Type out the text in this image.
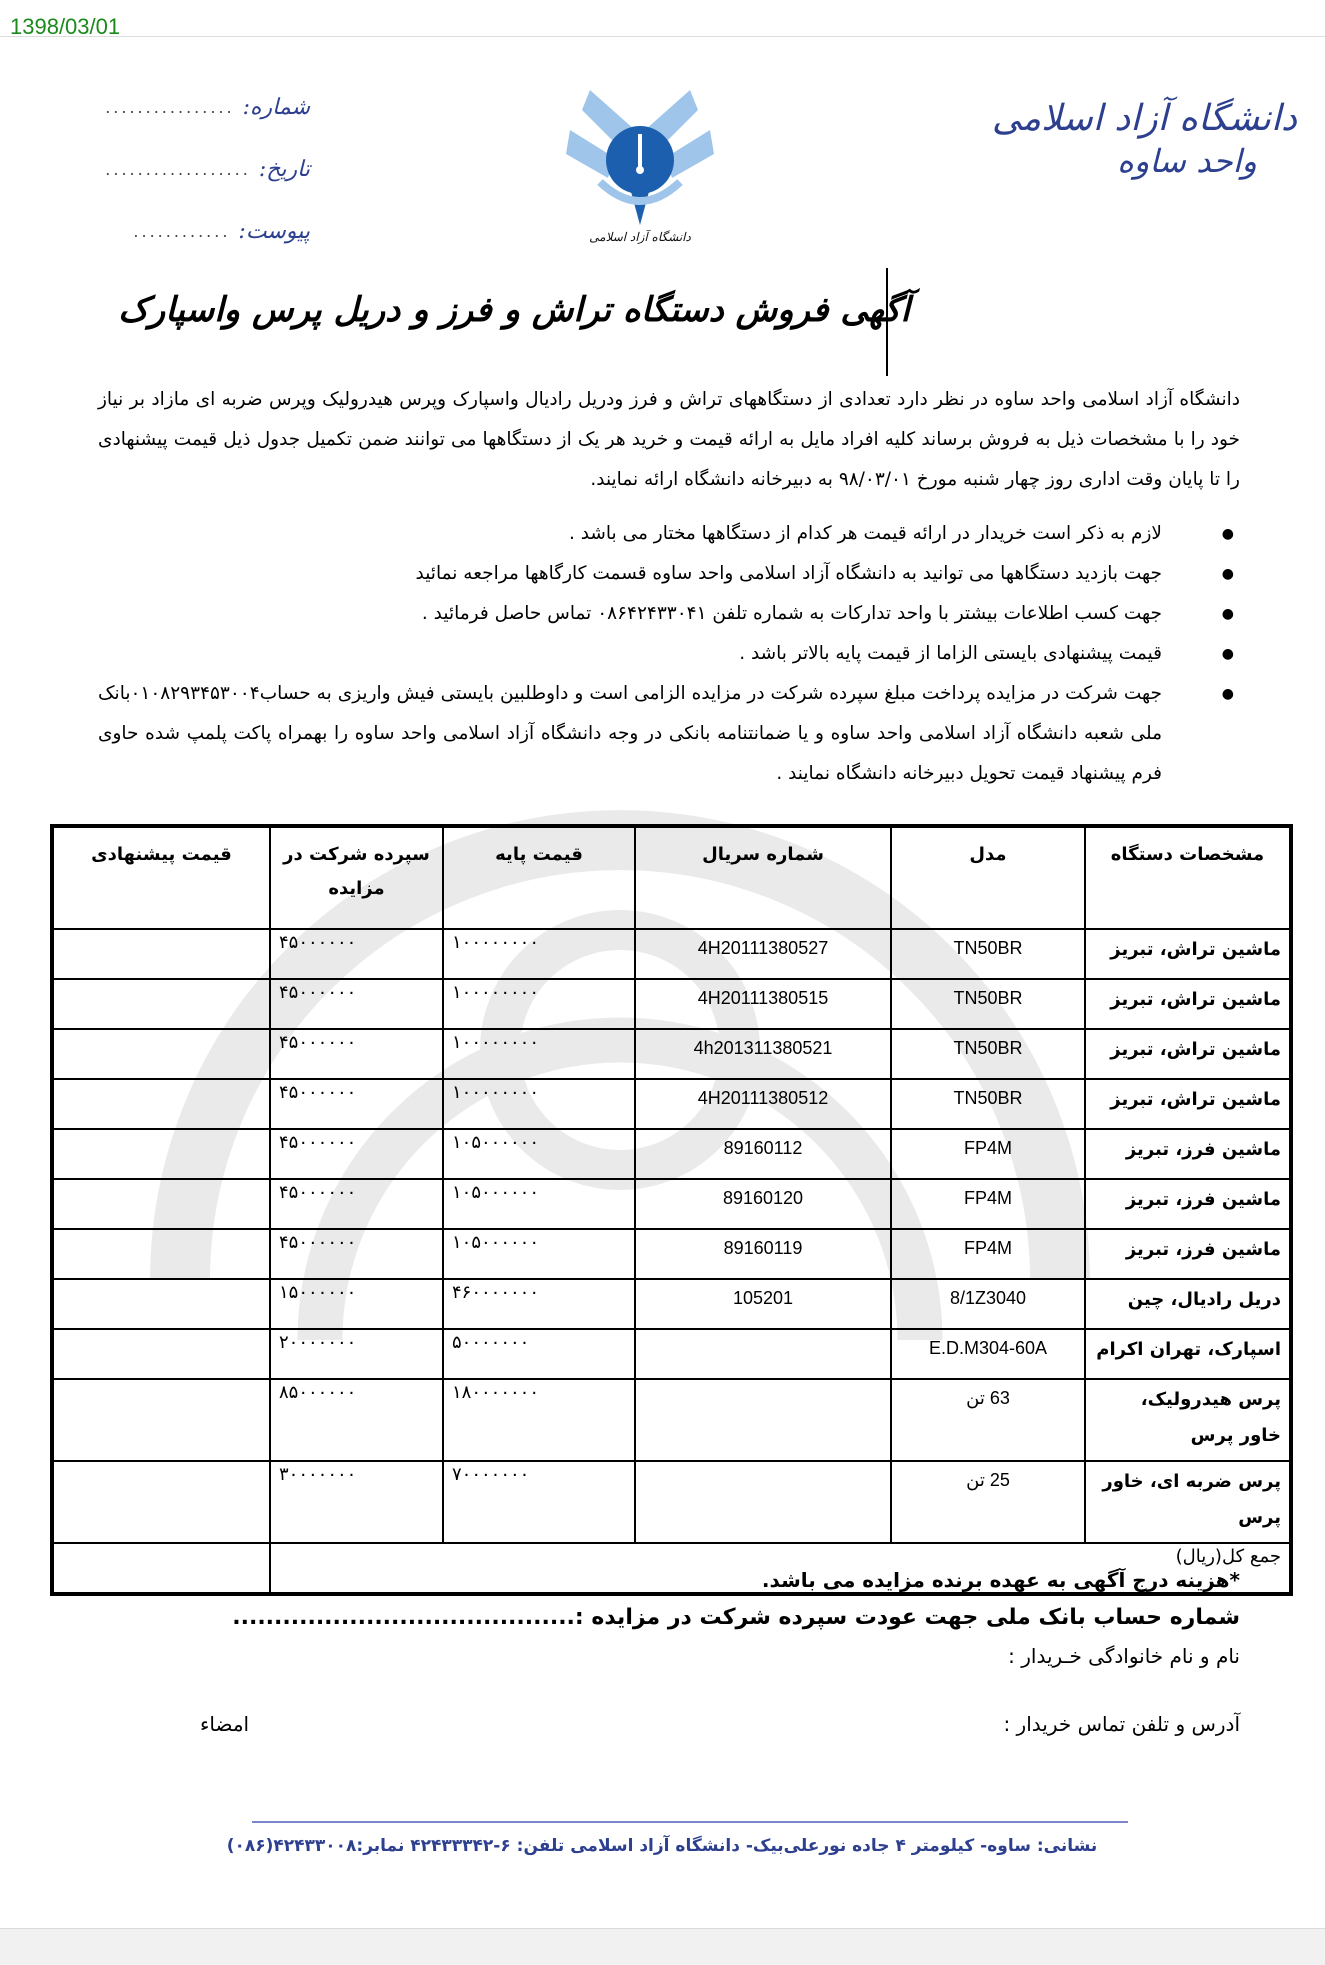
1398/03/01
دانشگاه آزاد اسلامی
واحد ساوه
دانشگاه آزاد اسلامی
شماره:
................
تاریخ:
..................
پیوست:
............
آگهی فروش دستگاه تراش و فرز و دریل پرس واسپارک
دانشگاه آزاد اسلامی واحد ساوه در نظر دارد تعدادی از دستگاههای تراش و فرز ودریل رادیال واسپارک وپرس هیدرولیک وپرس ضربه ای مازاد بر نیاز خود را با مشخصات ذیل به فروش برساند کلیه افراد مایل به ارائه قیمت و خرید هر یک از دستگاهها می توانند ضمن تکمیل جدول ذیل قیمت پیشنهادی را تا پایان وقت اداری روز چهار شنبه مورخ ۹۸/۰۳/۰۱ به دبیرخانه دانشگاه ارائه نمایند.
● لازم به ذکر است خریدار در ارائه قیمت هر کدام از دستگاهها مختار می باشد .
● جهت بازدید دستگاهها می توانید به دانشگاه آزاد اسلامی واحد ساوه قسمت کارگاهها مراجعه نمائید
● جهت کسب اطلاعات بیشتر با واحد تدارکات به شماره تلفن ۰۸۶۴۲۴۳۳۰۴۱ تماس حاصل فرمائید .
● قیمت پیشنهادی بایستی الزاما از قیمت پایه بالاتر باشد .
● جهت شرکت در مزایده پرداخت مبلغ سپرده شرکت در مزایده الزامی است و داوطلبین بایستی فیش واریزی به حساب۰۱۰۸۲۹۳۴۵۳۰۰۴بانک ملی شعبه دانشگاه آزاد اسلامی واحد ساوه و یا ضمانتنامه بانکی در وجه دانشگاه آزاد اسلامی واحد ساوه را بهمراه پاکت پلمپ شده حاوی فرم پیشنهاد قیمت تحویل دبیرخانه دانشگاه نمایند .
مشخصات دستگاه	مدل	شماره سریال	قیمت پایه	سپرده شرکت در مزایده	قیمت پیشنهادی
ماشین تراش، تبریز	TN50BR	4H20111380527	۱۰۰۰۰۰۰۰۰	۴۵۰۰۰۰۰۰	
ماشین تراش، تبریز	TN50BR	4H20111380515	۱۰۰۰۰۰۰۰۰	۴۵۰۰۰۰۰۰	
ماشین تراش، تبریز	TN50BR	4h201311380521	۱۰۰۰۰۰۰۰۰	۴۵۰۰۰۰۰۰	
ماشین تراش، تبریز	TN50BR	4H20111380512	۱۰۰۰۰۰۰۰۰	۴۵۰۰۰۰۰۰	
ماشین فرز، تبریز	FP4M	89160112	۱۰۵۰۰۰۰۰۰	۴۵۰۰۰۰۰۰	
ماشین فرز، تبریز	FP4M	89160120	۱۰۵۰۰۰۰۰۰	۴۵۰۰۰۰۰۰	
ماشین فرز، تبریز	FP4M	89160119	۱۰۵۰۰۰۰۰۰	۴۵۰۰۰۰۰۰	
دریل رادیال، چین	8/1Z3040	105201	۴۶۰۰۰۰۰۰۰	۱۵۰۰۰۰۰۰	
اسپارک، تهران اکرام	E.D.M304-60A		۵۰۰۰۰۰۰۰	۲۰۰۰۰۰۰۰	
پرس هیدرولیک، خاور پرس	63 تن		۱۸۰۰۰۰۰۰۰	۸۵۰۰۰۰۰۰	
پرس ضربه ای، خاور پرس	25 تن		۷۰۰۰۰۰۰۰	۳۰۰۰۰۰۰۰	
جمع کل(ریال)					
*هزینه درج آگهی به عهده برنده مزایده می باشد.
شماره حساب بانک ملی جهت عودت سپرده شرکت در مزایده :.........................................
نام و نام خانوادگی خـریدار :
آدرس و تلفن تماس خریدار :
امضاء
نشانی: ساوه- کیلومتر ۴ جاده نورعلی‌بیک- دانشگاه آزاد اسلامی تلفن: ۶-۴۲۴۳۳۳۴۲ نمابر:۴۲۴۳۳۰۰۸(۰۸۶)
